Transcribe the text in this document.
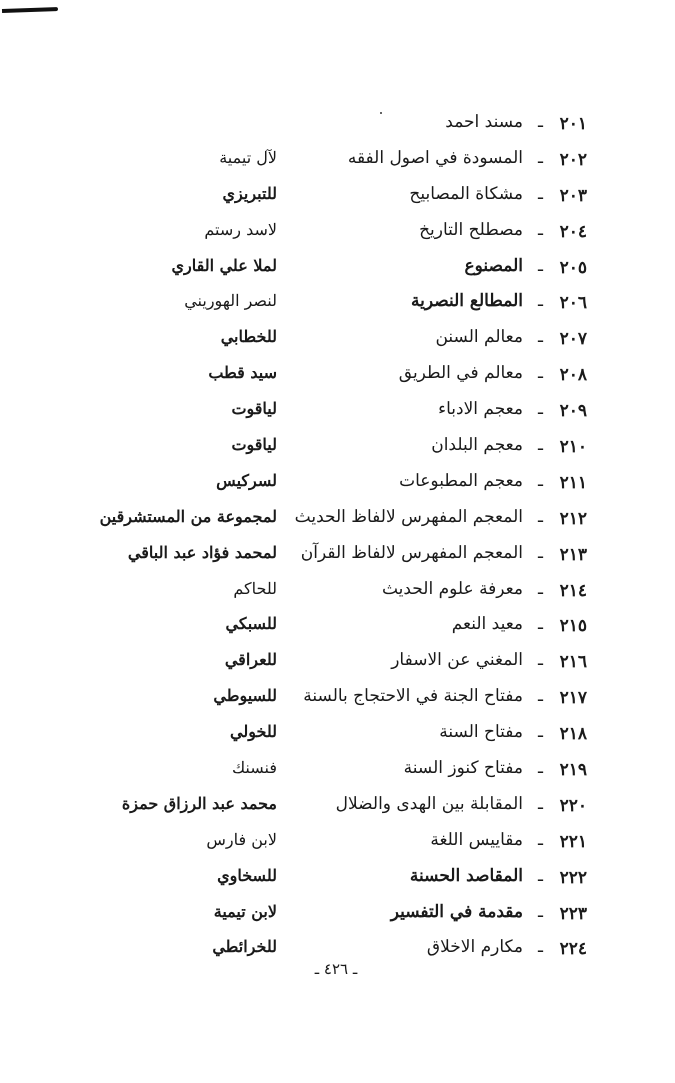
٢٠١
ـ
مسند احمد
٢٠٢
ـ
المسودة في اصول الفقه
لآل تيمية
٢٠٣
ـ
مشكاة المصابيح
للتبريزي
٢٠٤
ـ
مصطلح التاريخ
لاسد رستم
٢٠٥
ـ
المصنوع
لملا علي القاري
٢٠٦
ـ
المطالع النصرية
لنصر الهوريني
٢٠٧
ـ
معالم السنن
للخطابي
٢٠٨
ـ
معالم في الطريق
سيد قطب
٢٠٩
ـ
معجم الادباء
لياقوت
٢١٠
ـ
معجم البلدان
لياقوت
٢١١
ـ
معجم المطبوعات
لسركيس
٢١٢
ـ
المعجم المفهرس لالفاظ الحديث
لمجموعة من المستشرقين
٢١٣
ـ
المعجم المفهرس لالفاظ القرآن
لمحمد فؤاد عبد الباقي
٢١٤
ـ
معرفة علوم الحديث
للحاكم
٢١٥
ـ
معيد النعم
للسبكي
٢١٦
ـ
المغني عن الاسفار
للعراقي
٢١٧
ـ
مفتاح الجنة في الاحتجاج بالسنة
للسيوطي
٢١٨
ـ
مفتاح السنة
للخولي
٢١٩
ـ
مفتاح كنوز السنة
فنسنك
٢٢٠
ـ
المقابلة بين الهدى والضلال
محمد عبد الرزاق حمزة
٢٢١
ـ
مقاييس اللغة
لابن فارس
٢٢٢
ـ
المقاصد الحسنة
للسخاوي
٢٢٣
ـ
مقدمة في التفسير
لابن تيمية
٢٢٤
ـ
مكارم الاخلاق
للخرائطي
ـ ٤٢٦ ـ
